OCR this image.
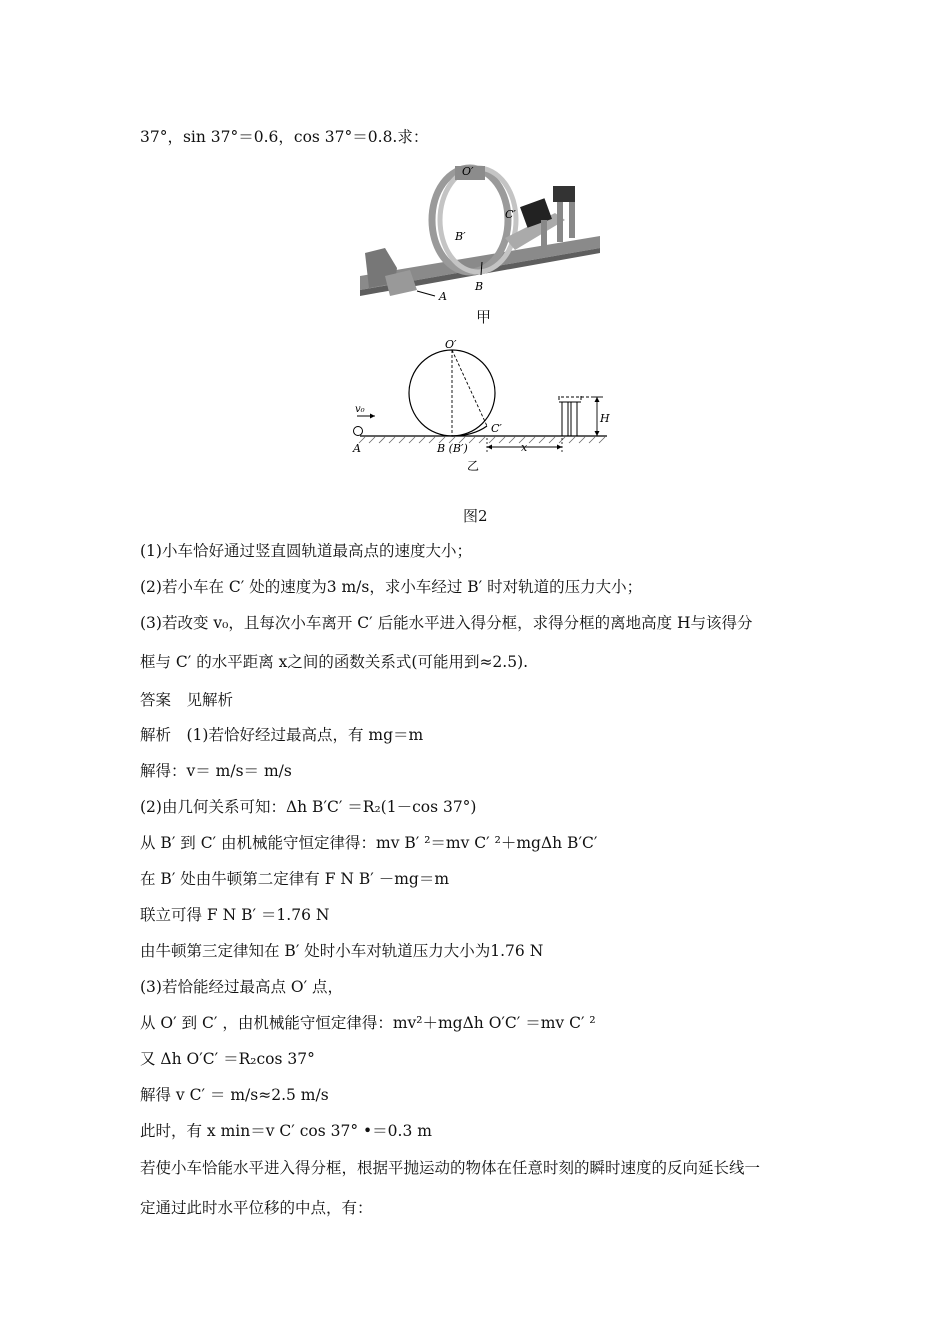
37°，sin 37°＝0.6，cos 37°＝0.8.求：
A
B
B′
O′
C′
甲
O′
C′
B (B′)
A
v₀
H
x
乙
图2
(1)小车恰好通过竖直圆轨道最高点的速度大小；
(2)若小车在 C′ 处的速度为3 m/s，求小车经过 B′ 时对轨道的压力大小；
(3)若改变 v₀，且每次小车离开 C′ 后能水平进入得分框，求得分框的离地高度 H与该得分
框与 C′ 的水平距离 x之间的函数关系式(可能用到≈2.5).
答案　见解析
解析　(1)若恰好经过最高点，有 mg＝m
解得：v＝ m/s＝ m/s
(2)由几何关系可知：Δh B′C′ ＝R₂(1－cos 37°)
从 B′ 到 C′ 由机械能守恒定律得：mv B′ ²＝mv C′ ²＋mgΔh B′C′
在 B′ 处由牛顿第二定律有 F N B′ －mg＝m
联立可得 F N B′ ＝1.76 N
由牛顿第三定律知在 B′ 处时小车对轨道压力大小为1.76 N
(3)若恰能经过最高点 O′ 点，
从 O′ 到 C′ ，由机械能守恒定律得：mv²＋mgΔh O′C′ ＝mv C′ ²
又 Δh O′C′ ＝R₂cos 37°
解得 v C′ ＝ m/s≈2.5 m/s
此时，有 x min＝v C′ cos 37° •＝0.3 m
若使小车恰能水平进入得分框，根据平抛运动的物体在任意时刻的瞬时速度的反向延长线一
定通过此时水平位移的中点，有：
